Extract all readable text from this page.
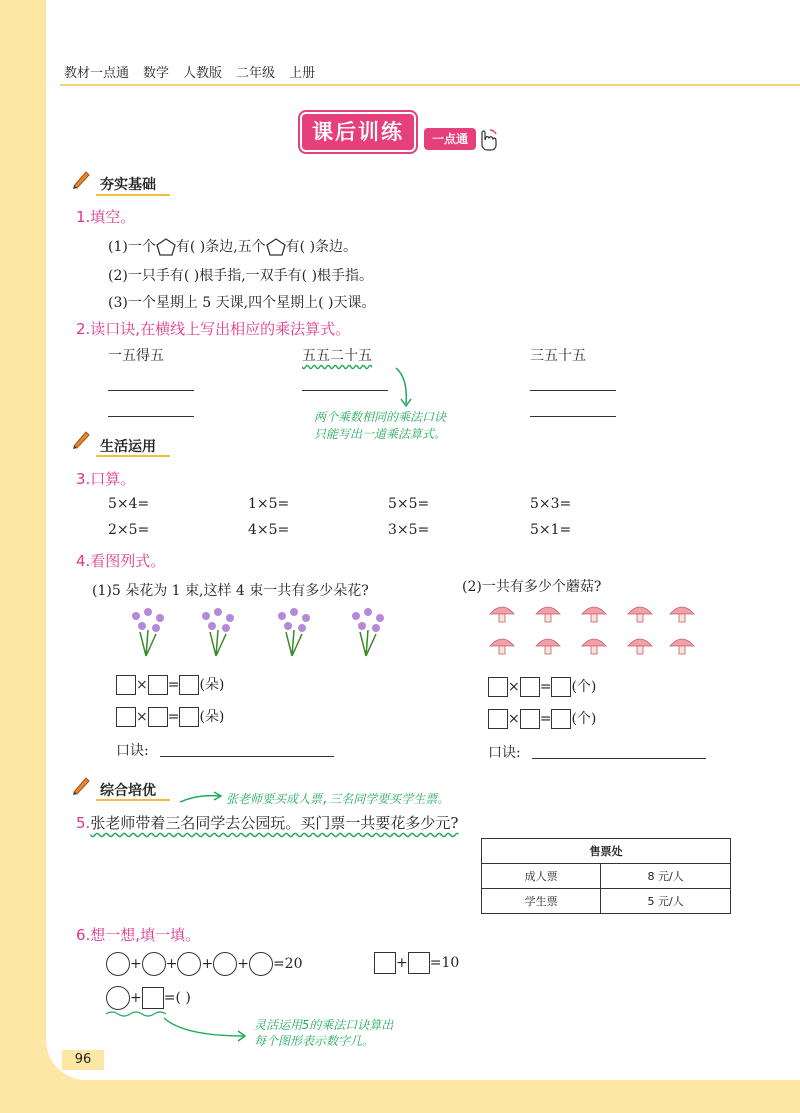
教材一点通 数学 人教版 二年级 上册
课后训练	一点通
夯实基础
1.填空。
(1)一个 有( )条边,五个 有( )条边。
(2)一只手有( )根手指,一双手有( )根手指。
(3)一个星期上 5 天课,四个星期上( )天课。
2.读口诀,在横线上写出相应的乘法算式。
一五得五	五五二十五	三五十五
两个乘数相同的乘法口诀
只能写出一道乘法算式。
生活运用
3.口算。
5×4=	1×5=	5×5=	5×3=
2×5=	4×5=	3×5=	5×1=
4.看图列式。
(1)5 朵花为 1 束,这样 4 束一共有多少朵花?	(2)一共有多少个蘑菇?
× = (朵)
× = (朵)
口诀:
× = (个)
× = (个)
口诀:
综合培优	张老师要买成人票,三名同学要买学生票。
5.张老师带着三名同学去公园玩。买门票一共要花多少元?
售票处	
成人票	8 元/人
学生票	5 元/人
6.想一想,填一填。
+ + + + =20	+ =10
+ =( )
灵活运用5的乘法口诀算出
每个图形表示数字几。
96
